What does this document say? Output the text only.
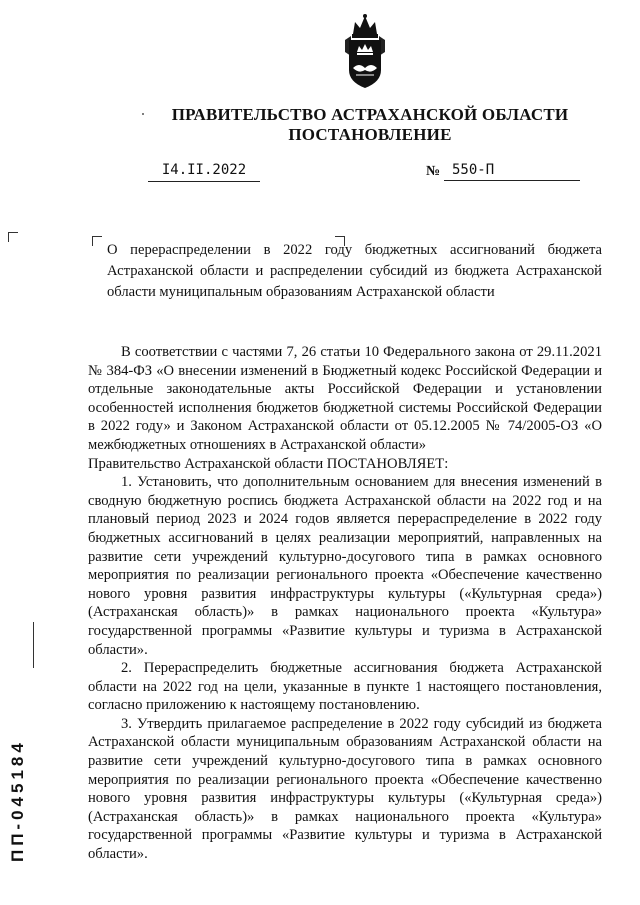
ПРАВИТЕЛЬСТВО АСТРАХАНСКОЙ ОБЛАСТИ
ПОСТАНОВЛЕНИЕ
I4.II.2022	№ 550-П
О перераспределении в 2022 году бюджетных ассигнований бюджета Астраханской области и распределении субсидий из бюджета Астраханской области муниципальным образованиям Астраханской области

В соответствии с частями 7, 26 статьи 10 Федерального закона от 29.11.2021 № 384-ФЗ «О внесении изменений в Бюджетный кодекс Российской Федерации и отдельные законодательные акты Российской Федерации и установлении особенностей исполнения бюджетов бюджетной системы Российской Федерации в 2022 году» и Законом Астраханской области от 05.12.2005 № 74/2005-ОЗ «О межбюджетных отношениях в Астраханской области»

Правительство Астраханской области ПОСТАНОВЛЯЕТ:

1. Установить, что дополнительным основанием для внесения изменений в сводную бюджетную роспись бюджета Астраханской области на 2022 год и на плановый период 2023 и 2024 годов является перераспределение в 2022 году бюджетных ассигнований в целях реализации мероприятий, направленных на развитие сети учреждений культурно-досугового типа в рамках основного мероприятия по реализации регионального проекта «Обеспечение качественно нового уровня развития инфраструктуры культуры («Культурная среда») (Астраханская область)» в рамках национального проекта «Культура» государственной программы «Развитие культуры и туризма в Астраханской области».

2. Перераспределить бюджетные ассигнования бюджета Астраханской области на 2022 год на цели, указанные в пункте 1 настоящего постановления, согласно приложению к настоящему постановлению.

3. Утвердить прилагаемое распределение в 2022 году субсидий из бюджета Астраханской области муниципальным образованиям Астраханской области на развитие сети учреждений культурно-досугового типа в рамках основного мероприятия по реализации регионального проекта «Обеспечение качественно нового уровня развития инфраструктуры культуры («Культурная среда») (Астраханская область)» в рамках национального проекта «Культура» государственной программы «Развитие культуры и туризма в Астраханской области».

ПП-045184
